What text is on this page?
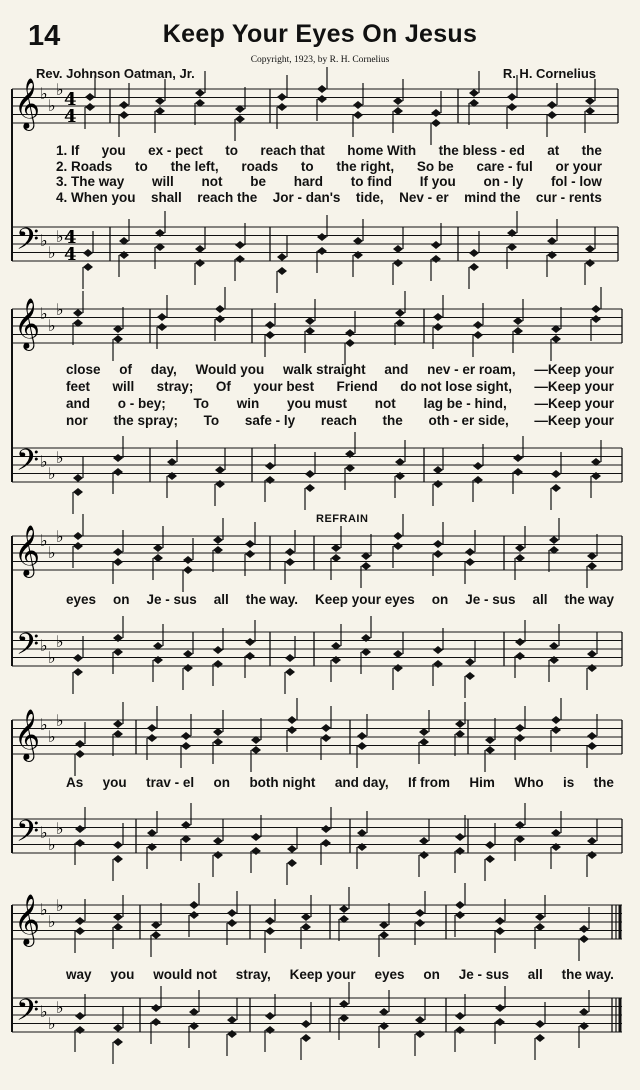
14	Keep Your Eyes On Jesus
Copyright, 1923, by R. H. Cornelius
Rev. Johnson Oatman, Jr.	R. H. Cornelius
𝄞
𝄢
♭
♭
♭
♭
♭
♭
4
4
4
4
𝄞
𝄢
♭
♭
♭
♭
♭
♭
𝄞
𝄢
♭
♭
♭
♭
♭
♭
𝄞
𝄢
♭
♭
♭
♭
♭
♭
𝄞
𝄢
♭
♭
♭
♭
♭
♭
1. If you ex - pect to reach that home With the bless - ed at the
2. Roads to the left, roads to the right, So be care - ful or your
3. The way will not be hard to find If you on - ly fol - low
4. When you shall reach the Jor - dan's tide, Nev - er mind the cur - rents
close of day, Would you walk straight and nev - er roam, —Keep your
feet will stray; Of your best Friend do not lose sight, —Keep your
and o - bey; To win you must not lag be - hind, —Keep your
nor the spray; To safe - ly reach the oth - er side, —Keep your
REFRAIN
eyes on Je - sus all the way. Keep your eyes on Je - sus all the way
As you trav - el on both night and day, If from Him Who is the
way you would not stray, Keep your eyes on Je - sus all the way.
